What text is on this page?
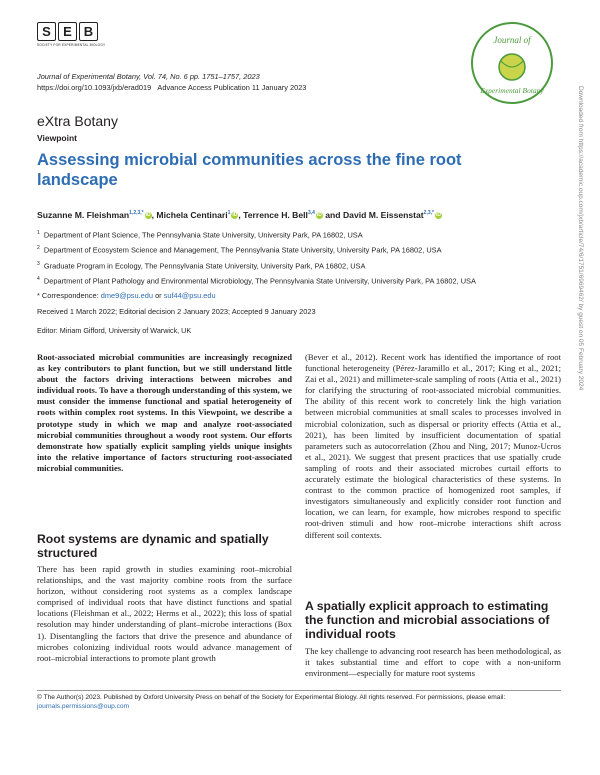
S E B
SOCIETY FOR EXPERIMENTAL BIOLOGY	Journal of
Experimental Botany
Journal of Experimental Botany, Vol. 74, No. 6 pp. 1751–1757, 2023
https://doi.org/10.1093/jxb/erad019 Advance Access Publication 11 January 2023
eXtra Botany
Viewpoint
Assessing microbial communities across the fine root landscape
Suzanne M. Fleishman$^{1,2,3,*}$ iD, Michela Centinari$^1$ iD, Terrence H. Bell$^{3,4}$ iD and David M. Eissenstat$^{2,3,*}$ iD
$^1$ Department of Plant Science, The Pennsylvania State University, University Park, PA 16802, USA
$^2$ Department of Ecosystem Science and Management, The Pennsylvania State University, University Park, PA 16802, USA
$^3$ Graduate Program in Ecology, The Pennsylvania State University, University Park, PA 16802, USA
$^4$ Department of Plant Pathology and Environmental Microbiology, The Pennsylvania State University, University Park, PA 16802, USA
* Correspondence: dme9@psu.edu or suf44@psu.edu
Received 1 March 2022; Editorial decision 2 January 2023; Accepted 9 January 2023
Editor: Miriam Gifford, University of Warwick, UK
Root-associated microbial communities are increasingly recognized as key contributors to plant function, but we still understand little about the factors driving interactions between microbes and individual roots. To have a thorough understanding of this system, we must consider the immense functional and spatial heterogeneity of roots within complex root systems. In this Viewpoint, we describe a prototype study in which we map and analyze root-associated microbial communities throughout a woody root system. Our efforts demonstrate how spatially explicit sampling yields unique insights into the relative importance of factors structuring root-associated microbial communities.
Root systems are dynamic and spatially structured
There has been rapid growth in studies examining root–microbial relationships, and the vast majority combine roots from the surface horizon, without considering root systems as a complex landscape comprised of individual roots that have distinct functions and spatial locations (Fleishman et al., 2022; Herms et al., 2022); this loss of spatial resolution may hinder understanding of plant–microbe interactions (Box 1). Disentangling the factors that drive the presence and abundance of microbes colonizing individual roots would advance management of root–microbial interactions to promote plant growth
(Bever et al., 2012). Recent work has identified the importance of root functional heterogeneity (Pérez-Jaramillo et al., 2017; King et al., 2021; Zai et al., 2021) and millimeter-scale sampling of roots (Attia et al., 2021) for clarifying the structuring of root-associated microbial communities. The ability of this recent work to concretely link the high variation between microbial communities at small scales to processes involved in microbial colonization, such as dispersal or priority effects (Attia et al., 2021), has been limited by insufficient documentation of spatial parameters such as autocorrelation (Zhou and Ning, 2017; Munoz-Ucros et al., 2021). We suggest that present practices that use spatially crude sampling of roots and their associated microbes curtail efforts to accurately estimate the biological characteristics of these systems. In contrast to the common practice of homogenized root samples, if investigators simultaneously and explicitly consider root function and location, we can learn, for example, how microbes respond to specific root-driven stimuli and how root–microbe interactions shift across different soil contexts.
A spatially explicit approach to estimating the function and microbial associations of individual roots
The key challenge to advancing root research has been methodological, as it takes substantial time and effort to cope with a non-uniform environment—especially for mature root systems
© The Author(s) 2023. Published by Oxford University Press on behalf of the Society for Experimental Biology. All rights reserved. For permissions, please email:
journals.permissions@oup.com
Downloaded from https://academic.oup.com/jxb/article/74/6/1751/6969462/ by guest on 05 February 2024
